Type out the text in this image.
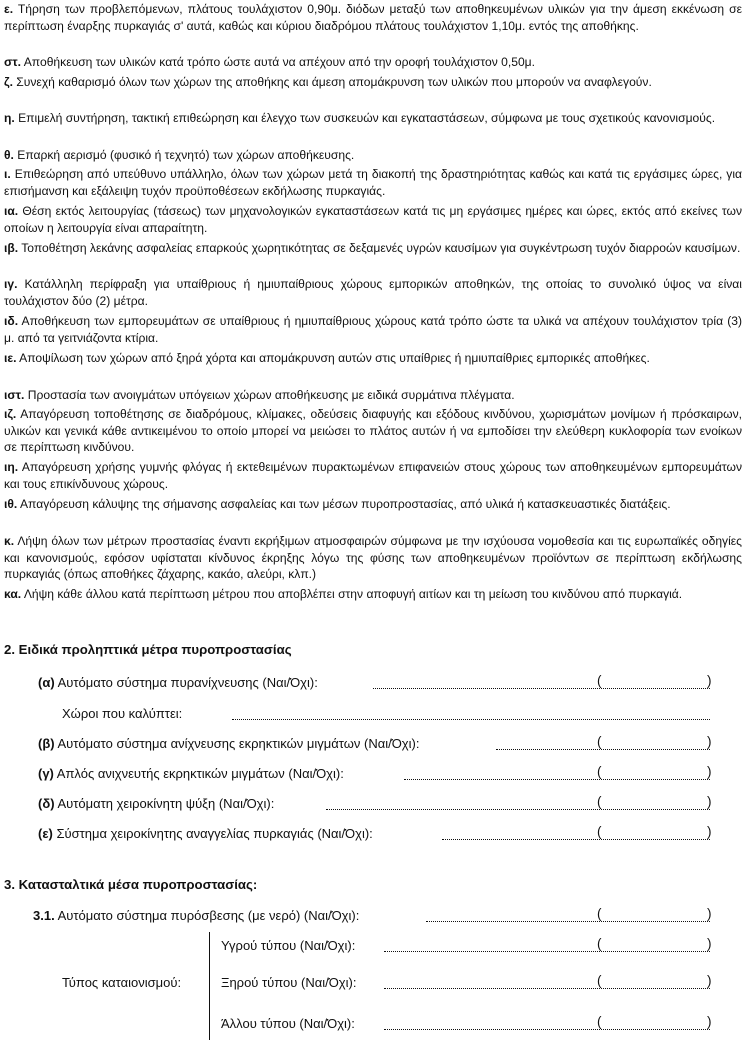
ε. Τήρηση των προβλεπόμενων, πλάτους τουλάχιστον 0,90μ. διόδων μεταξύ των αποθηκευμένων υλικών για την άμεση εκκένωση σε περίπτωση έναρξης πυρκαγιάς σ' αυτά, καθώς και κύριου διαδρόμου πλάτους τουλάχιστον 1,10μ. εντός της αποθήκης.

στ. Αποθήκευση των υλικών κατά τρόπο ώστε αυτά να απέχουν από την οροφή τουλάχιστον 0,50μ.

ζ. Συνεχή καθαρισμό όλων των χώρων της αποθήκης και άμεση απομάκρυνση των υλικών που μπορούν να αναφλεγούν.

η. Επιμελή συντήρηση, τακτική επιθεώρηση και έλεγχο των συσκευών και εγκαταστάσεων, σύμφωνα με τους σχετικούς κανονισμούς.

θ. Επαρκή αερισμό (φυσικό ή τεχνητό) των χώρων αποθήκευσης.

ι. Επιθεώρηση από υπεύθυνο υπάλληλο, όλων των χώρων μετά τη διακοπή της δραστηριότητας καθώς και κατά τις εργάσιμες ώρες, για επισήμανση και εξάλειψη τυχόν προϋποθέσεων εκδήλωσης πυρκαγιάς.

ια. Θέση εκτός λειτουργίας (τάσεως) των μηχανολογικών εγκαταστάσεων κατά τις μη εργάσιμες ημέρες και ώρες, εκτός από εκείνες των οποίων η λειτουργία είναι απαραίτητη.

ιβ. Τοποθέτηση λεκάνης ασφαλείας επαρκούς χωρητικότητας σε δεξαμενές υγρών καυσίμων για συγκέντρωση τυχόν διαρροών καυσίμων.

ιγ. Κατάλληλη περίφραξη για υπαίθριους ή ημιυπαίθριους χώρους εμπορικών αποθηκών, της οποίας το συνολικό ύψος να είναι τουλάχιστον δύο (2) μέτρα.

ιδ. Αποθήκευση των εμπορευμάτων σε υπαίθριους ή ημιυπαίθριους χώρους κατά τρόπο ώστε τα υλικά να απέχουν τουλάχιστον τρία (3) μ. από τα γειτνιάζοντα κτίρια.

ιε. Αποψίλωση των χώρων από ξηρά χόρτα και απομάκρυνση αυτών στις υπαίθριες ή ημιυπαίθριες εμπορικές αποθήκες.

ιστ. Προστασία των ανοιγμάτων υπόγειων χώρων αποθήκευσης με ειδικά συρμάτινα πλέγματα.

ιζ. Απαγόρευση τοποθέτησης σε διαδρόμους, κλίμακες, οδεύσεις διαφυγής και εξόδους κινδύνου, χωρισμάτων μονίμων ή πρόσκαιρων, υλικών και γενικά κάθε αντικειμένου το οποίο μπορεί να μειώσει το πλάτος αυτών ή να εμποδίσει την ελεύθερη κυκλοφορία των ενοίκων σε περίπτωση κινδύνου.

ιη. Απαγόρευση χρήσης γυμνής φλόγας ή εκτεθειμένων πυρακτωμένων επιφανειών στους χώρους των αποθηκευμένων εμπορευμάτων και τους επικίνδυνους χώρους.

ιθ. Απαγόρευση κάλυψης της σήμανσης ασφαλείας και των μέσων πυροπροστασίας, από υλικά ή κατασκευαστικές διατάξεις.

κ. Λήψη όλων των μέτρων προστασίας έναντι εκρήξιμων ατμοσφαιρών σύμφωνα με την ισχύουσα νομοθεσία και τις ευρωπαϊκές οδηγίες και κανονισμούς, εφόσον υφίσταται κίνδυνος έκρηξης λόγω της φύσης των αποθηκευμένων προϊόντων σε περίπτωση εκδήλωσης πυρκαγιάς (όπως αποθήκες ζάχαρης, κακάο, αλεύρι, κλπ.)

κα. Λήψη κάθε άλλου κατά περίπτωση μέτρου που αποβλέπει στην αποφυγή αιτίων και τη μείωση του κινδύνου από πυρκαγιά.

2. Ειδικά προληπτικά μέτρα πυροπροστασίας

(α) Αυτόματο σύστημα πυρανίχνευσης (Ναι/Όχι):	(	)
Χώροι που καλύπτει:
(β) Αυτόματο σύστημα ανίχνευσης εκρηκτικών μιγμάτων (Ναι/Όχι):	(	)
(γ) Απλός ανιχνευτής εκρηκτικών μιγμάτων (Ναι/Όχι):	(	)
(δ) Αυτόματη χειροκίνητη ψύξη (Ναι/Όχι):	(	)
(ε) Σύστημα χειροκίνητης αναγγελίας πυρκαγιάς (Ναι/Όχι):	(	)

3. Κατασταλτικά μέσα πυροπροστασίας:

3.1. Αυτόματο σύστημα πυρόσβεσης (με νερό) (Ναι/Όχι):	(	)
Τύπος καταιονισμού:
Υγρού τύπου (Ναι/Όχι):	(	)
Ξηρού τύπου (Ναι/Όχι):	(	)
Άλλου τύπου (Ναι/Όχι):	(	)
